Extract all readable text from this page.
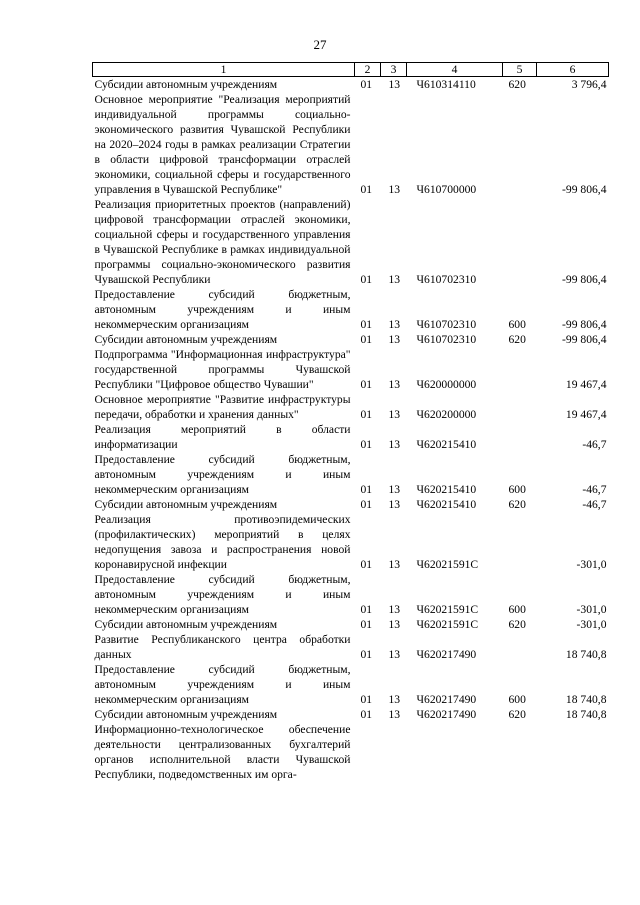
27
1	2	3	4	5	6
Субсидии автономным учреждениям	01	13	Ч610314110	620	3 796,4
Основное мероприятие "Реализация мероприятий индивидуальной программы социально-экономического развития Чувашской Республики на 2020–2024 годы в рамках реализации Стратегии в области цифровой трансформации отраслей экономики, социальной сферы и государственного управления в Чувашской Республике"	01	13	Ч610700000		-99 806,4
Реализация приоритетных проектов (направлений) цифровой трансформации отраслей экономики, социальной сферы и государственного управления в Чувашской Республике в рамках индивидуальной программы социально-экономического развития Чувашской Республики	01	13	Ч610702310		-99 806,4
Предоставление субсидий бюджетным, автономным учреждениям и иным некоммерческим организациям	01	13	Ч610702310	600	-99 806,4
Субсидии автономным учреждениям	01	13	Ч610702310	620	-99 806,4
Подпрограмма "Информационная инфраструктура" государственной программы Чувашской Республики "Цифровое общество Чувашии"	01	13	Ч620000000		19 467,4
Основное мероприятие "Развитие инфраструктуры передачи, обработки и хранения данных"	01	13	Ч620200000		19 467,4
Реализация мероприятий в области информатизации	01	13	Ч620215410		-46,7
Предоставление субсидий бюджетным, автономным учреждениям и иным некоммерческим организациям	01	13	Ч620215410	600	-46,7
Субсидии автономным учреждениям	01	13	Ч620215410	620	-46,7
Реализация противоэпидемических (профилактических) мероприятий в целях недопущения завоза и распространения новой коронавирусной инфекции	01	13	Ч62021591С		-301,0
Предоставление субсидий бюджетным, автономным учреждениям и иным некоммерческим организациям	01	13	Ч62021591С	600	-301,0
Субсидии автономным учреждениям	01	13	Ч62021591С	620	-301,0
Развитие Республиканского центра обработки данных	01	13	Ч620217490		18 740,8
Предоставление субсидий бюджетным, автономным учреждениям и иным некоммерческим организациям	01	13	Ч620217490	600	18 740,8
Субсидии автономным учреждениям	01	13	Ч620217490	620	18 740,8
Информационно-технологическое обеспечение деятельности централизованных бухгалтерий органов исполнительной власти Чувашской Республики, подведомственных им орга-					
